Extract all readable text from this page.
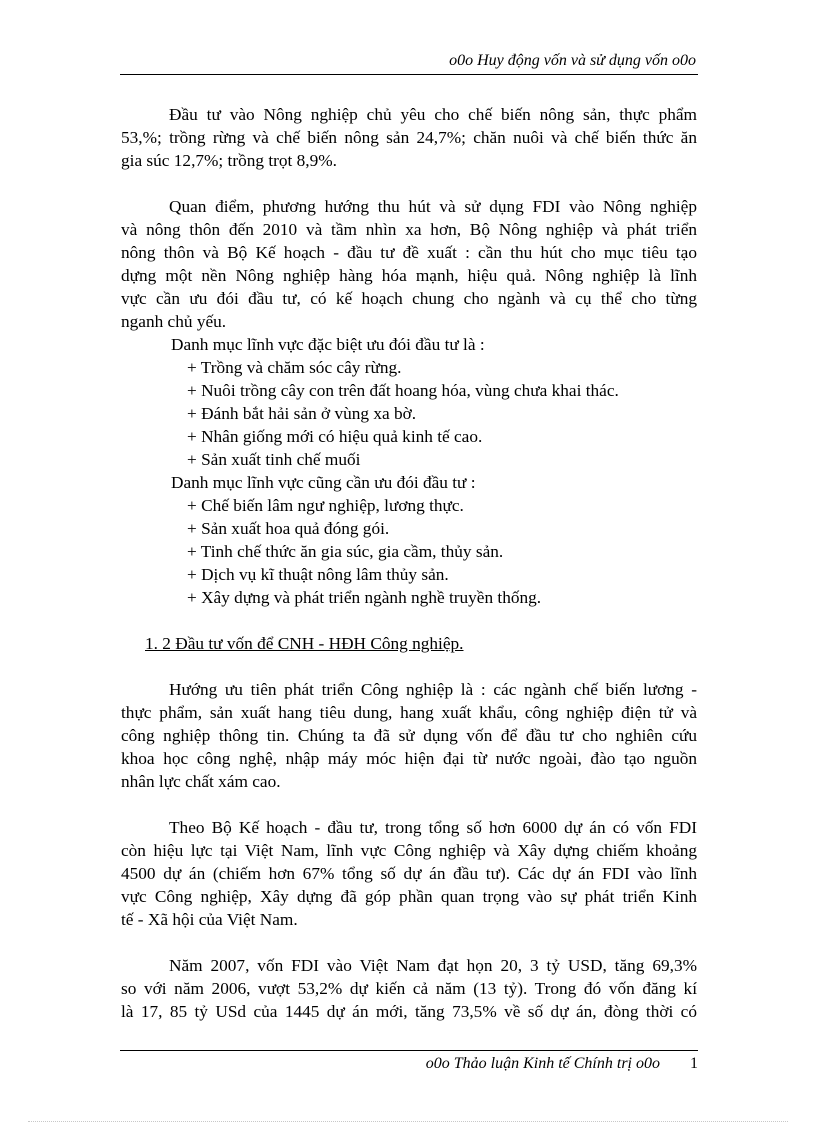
o0o Huy động vốn và sử dụng vốn o0o

Đầu tư vào Nông nghiệp chủ yêu cho chế biến nông sản, thực phẩm

53,%; trồng rừng và chế biến nông sản 24,7%; chăn nuôi và chế biến thức ăn

gia súc 12,7%; trồng trọt 8,9%.

Quan điểm, phương hướng thu hút và sử dụng FDI vào Nông nghiệp

và nông thôn đến 2010 và tầm nhìn xa hơn, Bộ Nông nghiệp và phát triển

nông thôn và Bộ Kế hoạch - đầu tư đề xuất : cần thu hút cho mục tiêu tạo

dựng một nền Nông nghiệp hàng hóa mạnh, hiệu quả. Nông nghiệp là lĩnh

vực cần ưu đói đầu tư, có kế hoạch chung cho ngành và cụ thể cho từng

nganh chủ yếu.

Danh mục lĩnh vực đặc biệt ưu đói đầu tư là :

+ Trồng và chăm sóc cây rừng.

+ Nuôi trồng cây con trên đất hoang hóa, vùng chưa khai thác.

+ Đánh bắt hải sản ở vùng xa bờ.

+ Nhân giống mới có hiệu quả kinh tế cao.

+ Sản xuất tinh chế muối

Danh mục lĩnh vực cũng cần ưu đói đầu tư :

+ Chế biến lâm ngư nghiệp, lương thực.

+ Sản xuất hoa quả đóng gói.

+ Tinh chế thức ăn gia súc, gia cầm, thủy sản.

+ Dịch vụ kĩ thuật nông lâm thủy sản.

+ Xây dựng và phát triển ngành nghề truyền thống.

1. 2 Đầu tư vốn để CNH - HĐH Công nghiệp.

Hướng ưu tiên phát triển Công nghiệp là : các ngành chế biến lương -

thực phẩm, sản xuất hang tiêu dung, hang xuất khẩu, công nghiệp điện tử và

công nghiệp thông tin. Chúng ta đã sử dụng vốn để đầu tư cho nghiên cứu

khoa học công nghệ, nhập máy móc hiện đại từ nước ngoài, đào tạo nguồn

nhân lực chất xám cao.

Theo Bộ Kế hoạch - đầu tư, trong tổng số hơn 6000 dự án có vốn FDI

còn hiệu lực tại Việt Nam, lĩnh vực Công nghiệp và Xây dựng chiếm khoảng

4500 dự án (chiếm hơn 67% tổng số dự án đầu tư). Các dự án FDI vào lĩnh

vực Công nghiệp, Xây dựng đã góp phần quan trọng vào sự phát triển Kinh

tế - Xã hội của Việt Nam.

Năm 2007, vốn FDI vào Việt Nam đạt họn 20, 3 tỷ USD, tăng 69,3%

so với năm 2006, vượt 53,2% dự kiến cả năm (13 tỷ). Trong đó vốn đăng kí

là 17, 85 tỷ USd của 1445 dự án mới, tăng 73,5% về số dự án, đòng thời có

o0o Thảo luận Kinh tế Chính trị o0o 1
